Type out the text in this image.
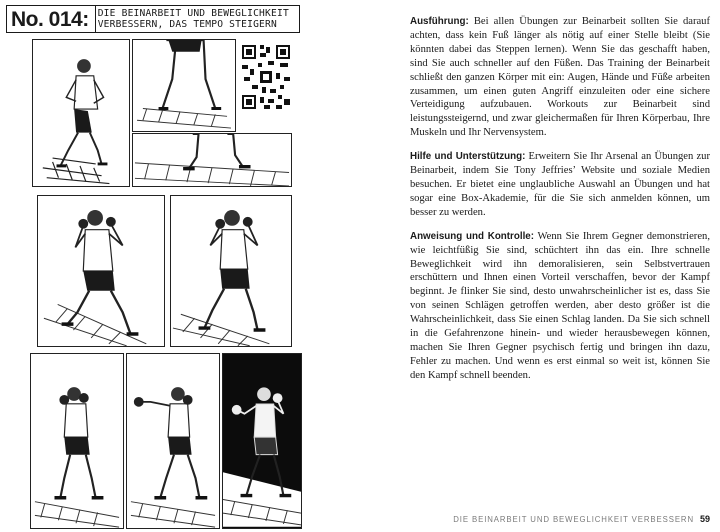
No. 014: DIE BEINARBEIT UND BEWEGLICHKEIT
VERBESSERN, DAS TEMPO STEIGERN	Ausführung: Bei allen Übungen zur Beinarbeit sollten Sie darauf achten, dass kein Fuß länger als nötig auf einer Stelle bleibt (Sie könnten dabei das Steppen lernen). Wenn Sie das geschafft haben, sind Sie auch schneller auf den Füßen. Das Training der Beinarbeit schließt den ganzen Körper mit ein: Augen, Hände und Füße arbeiten zusammen, um einen guten Angriff einzuleiten oder eine sichere Verteidigung aufzubauen. Workouts zur Beinarbeit sind leistungssteigernd, und zwar gleichermaßen für Ihren Körperbau, Ihre Muskeln und Ihr Nervensystem.

Hilfe und Unterstützung: Erweitern Sie Ihr Arsenal an Übungen zur Beinarbeit, indem Sie Tony Jeffries’ Website und soziale Medien besuchen. Er bietet eine unglaubliche Auswahl an Übungen und hat sogar eine Box-Akademie, für die Sie sich anmelden können, um besser zu werden.

Anweisung und Kontrolle: Wenn Sie Ihrem Gegner demonstrieren, wie leichtfüßig Sie sind, schüchtert ihn das ein. Ihre schnelle Beweglichkeit wird ihn demoralisieren, sein Selbstvertrauen erschüttern und Ihnen einen Vorteil verschaffen, bevor der Kampf beginnt. Je flinker Sie sind, desto unwahrscheinlicher ist es, dass Sie von seinen Schlägen getroffen werden, aber desto größer ist die Wahrscheinlichkeit, dass Sie einen Schlag landen. Da Sie sich schnell in die Gefahrenzone hinein- und wieder herausbewegen können, machen Sie Ihren Gegner psychisch fertig und bringen ihn dazu, Fehler zu machen. Und wenn es erst einmal so weit ist, können Sie den Kampf schnell beenden.

DIE BEINARBEIT UND BEWEGLICHKEIT VERBESSERN 59
